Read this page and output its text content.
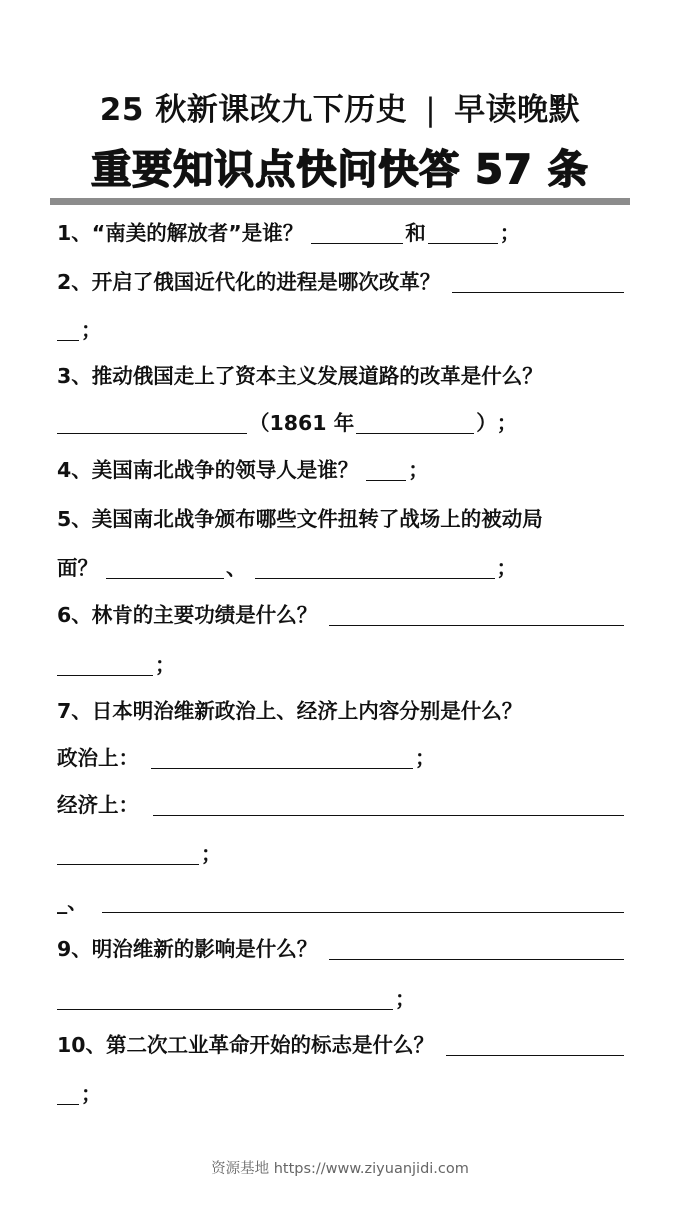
25 秋新课改九下历史 | 早读晚默
重要知识点快问快答 57 条
1、 “南美的解放者”是谁？	和	；
2、 开启了俄国近代化的进程是哪次改革？
；
3、 推动俄国走上了资本主义发展道路的改革是什么？
（1861 年	） ；
4、 美国南北战争的领导人是谁？ ；
5、 美国南北战争颁布哪些文件扭转了战场上的被动局
面？	、	；
6、 林肯的主要功绩是什么？
；
7、 日本明治维新政治上、经济上内容分别是什么？
政治上：	；
经济上：
；
_、
9、 明治维新的影响是什么？
；
10、 第二次工业革命开始的标志是什么？
；
资源基地 https://www.ziyuanjidi.com
